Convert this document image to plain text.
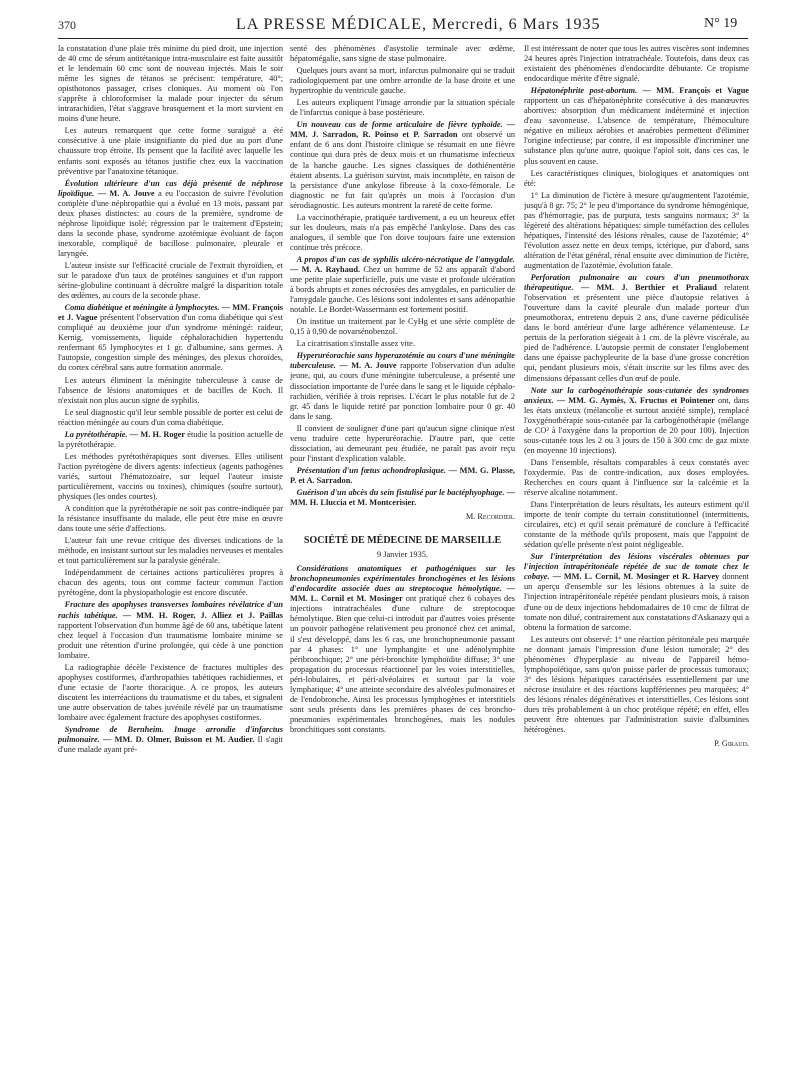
370	LA PRESSE MÉDICALE, Mercredi, 6 Mars 1935	N° 19

la constatation d'une plaie très minime du pied droit, une injection de 40 cmc de sérum antitétanique intra-musculaire est faite aussitôt et le lendemain 60 cmc sont de nouveau injectés. Mais le soir même les signes de tétanos se précisent: température, 40°; opisthotonos passager, crises cloniques. Au moment où l'on s'apprête à chloroformiser la malade pour injecter du sérum intrarachidien, l'état s'aggrave brusquement et la mort survient en moins d'une heure.

Les auteurs remarquent que cette forme suraiguë a été consécutive à une plaie insignifiante du pied due au port d'une chaussure trop étroite. Ils pensent que la facilité avec laquelle les enfants sont exposés au tétanos justifie chez eux la vaccination préventive par l'anatoxine tétanique.

Évolution ultérieure d'un cas déjà présenté de néphrose lipoïdique. — M. A. Jouve a eu l'occasion de suivre l'évolution complète d'une néphropathie qui a évolué en 13 mois, passant par deux phases distinctes: au cours de la première, syndrome de néphrose lipoïdique isolé; régression par le traitement d'Epstein; dans la seconde phase, syndrome azotémique évoluant de façon inexorable, compliqué de bacillose pulmonaire, pleurale et laryngée.

L'auteur insiste sur l'efficacité cruciale de l'extrait thyroïdien, et sur le paradoxe d'un taux de protéines sanguines et d'un rapport sérine-globuline continuant à décroître malgré la disparition totale des œdèmes, au cours de la seconde phase.

Coma diabétique et méningite à lymphocytes. — MM. François et J. Vague présentent l'observation d'un coma diabétique qui s'est compliqué au deuxième jour d'un syndrome méningé: raideur, Kernig, vomissements, liquide céphalorachidien hypertendu renfermant 65 lymphocytes et 1 gr. d'albumine, sans germes. A l'autopsie, congestion simple des méninges, des plexus choroïdes, du cortex cérébral sans autre formation anormale.

Les auteurs éliminent la méningite tuberculeuse à cause de l'absence de lésions anatomiques et de bacilles de Koch. Il n'existait non plus aucun signe de syphilis.

Le seul diagnostic qu'il leur semble possible de porter est celui de réaction méningée au cours d'un coma diabétique.

La pyrétothérapie. — M. H. Roger étudie la position actuelle de la pyrétothérapie.

Les méthodes pyrétothérapiques sont diverses. Elles utilisent l'action pyrétogène de divers agents: infectieux (agents pathogènes variés, surtout l'hématozoaire, sur lequel l'auteur insiste particulièrement, vaccins ou toxines), chimiques (soufre surtout), physiques (les ondes courtes).

A condition que la pyrétothérapie ne soit pas contre-indiquée par la résistance insuffisante du malade, elle peut être mise en œuvre dans toute une série d'affections.

L'auteur fait une revue critique des diverses indications de la méthode, en insistant surtout sur les maladies nerveuses et mentales et tout particulièrement sur la paralysie générale.

Indépendamment de certaines actions particulières propres à chacun des agents, tous ont comme facteur commun l'action pyrétogène, dont la physiopathologie est encore discutée.

Fracture des apophyses transverses lombaires révélatrice d'un rachis tabétique. — MM. H. Roger, J. Alliez et J. Paillas rapportent l'observation d'un homme âgé de 60 ans, tabétique latent chez lequel à l'occasion d'un traumatisme lombaire minime se produit une rétention d'urine prolongée, qui cède à une ponction lombaire.

La radiographie décèle l'existence de fractures multiples des apophyses costiformes, d'arthropathies tabétiques rachidiennes, et d'une ectasie de l'aorte thoracique. A ce propos, les auteurs discutent les interréactions du traumatisme et du tabes, et signalent une autre observation de tabes juvénile révélé par un traumatisme lombaire avec également fracture des apophyses costiformes.

Syndrome de Bernheim. Image arrondie d'infarctus pulmonaire. — MM. D. Olmer, Buisson et M. Audier. Il s'agit d'une malade ayant pré-

senté des phénomènes d'asystolie terminale avec œdème, hépatomégalie, sans signe de stase pulmonaire.

Quelques jours avant sa mort, infarctus pulmonaire qui se traduit radiologiquement par une ombre arrondie de la base droite et une hypertrophie du ventricule gauche.

Les auteurs expliquent l'image arrondie par la situation spéciale de l'infarctus conique à base postérieure.

Un nouveau cas de forme articulaire de fièvre typhoïde. — MM. J. Sarradon, R. Poinso et P. Sarradon ont observé un enfant de 6 ans dont l'histoire clinique se résumait en une fièvre continue qui dura près de deux mois et un rhumatisme infectieux de la hanche gauche. Les signes classiques de dothiénentérie étaient absents. La guérison survint, mais incomplète, en raison de la persistance d'une ankylose fibreuse à la coxo-fémorale. Le diagnostic ne fut fait qu'après un mois à l'occasion d'un sérodiagnostic. Les auteurs montrent la rareté de cette forme.

La vaccinothérapie, pratiquée tardivement, a eu un heureux effet sur les douleurs, mais n'a pas empêché l'ankylose. Dans des cas analogues, il semble que l'on doive toujours faire une extension continue très précoce.

A propos d'un cas de syphilis ulcéro-nécrotique de l'amygdale. — M. A. Rayhaud. Chez un homme de 52 ans apparaît d'abord une petite plaie superficielle, puis une vaste et profonde ulcération à bords abrupts et zones nécrosées des amygdales, en particulier de l'amygdale gauche. Ces lésions sont indolentes et sans adénopathie notable. Le Bordet-Wassermann est fortement positif.

On institue un traitement par le CyHg et une série complète de 0,15 à 0,90 de novarsénobenzol.

La cicatrisation s'installe assez vite.

Hyperuréorachie sans hyperazotémie au cours d'une méningite tuberculeuse. — M. A. Jouve rapporte l'observation d'un adulte jeune, qui, au cours d'une méningite tuberculeuse, a présenté une dissociation importante de l'urée dans le sang et le liquide céphalo-rachidien, vérifiée à trois reprises. L'écart le plus notable fut de 2 gr. 45 dans le liquide retiré par ponction lombaire pour 0 gr. 40 dans le sang.

Il convient de souligner d'une part qu'aucun signe clinique n'est venu traduire cette hyperuréorachie. D'autre part, que cette dissociation, au demeurant peu étudiée, ne paraît pas avoir reçu pour l'instant d'explication valable.

Présentation d'un fœtus achondroplasique. — MM. G. Plasse, P. et A. Sarradon.

Guérison d'un abcès du sein fistulisé par le bactéphyophage. — MM. H. Lluccia et M. Montcerisier.

M. Recordier.
SOCIÉTÉ DE MÉDECINE DE MARSEILLE
9 Janvier 1935.

Considérations anatomiques et pathogéniques sur les bronchopneumonies expérimentales bronchogènes et les lésions d'endocardite associée dues au streptocoque hémolytique. — MM. L. Cornil et M. Mosinger ont pratiqué chez 6 cobayes des injections intratrachéales d'une culture de streptocoque hémolytique. Bien que celui-ci introduit par d'autres voies présente un pouvoir pathogène relativement peu prononcé chez cet animal, il s'est développé, dans les 6 cas, une bronchopneumonie passant par 4 phases: 1° une lymphangite et une adénolymphite péribronchique; 2° une péri-bronchite lymphoïdite diffuse; 3° une propagation du processus réactionnel par les voies interstitielles, péri-lobulaires, et péri-alvéolaires et surtout par la voie lymphatique; 4° une atteinte secondaire des alvéoles pulmonaires et de l'endobronche. Ainsi les processus lymphogènes et interstitiels sont seuls présents dans les premières phases de ces broncho-pneumonies expérimentales bronchogènes, mais les nodules bronchitiques sont constants.

Il est intéressant de noter que tous les autres viscères sont indemnes 24 heures après l'injection intratrachéale. Toutefois, dans deux cas existaient des phénomènes d'endocardite débutante. Ce tropisme endocardique mérite d'être signalé.

Hépatonéphrite post-abortum. — MM. François et Vague rapportent un cas d'hépatonéphrite consécutive à des manœuvres abortives: absorption d'un médicament indéterminé et injection d'eau savonneuse. L'absence de température, l'hémoculture négative en milieux aérobies et anaérobies permettent d'éliminer l'origine infectieuse; par contre, il est impossible d'incriminer une substance plus qu'une autre, quoique l'apiol soit, dans ces cas, le plus souvent en cause.

Les caractéristiques cliniques, biologiques et anatomiques ont été:

1° La diminution de l'ictère à mesure qu'augmentent l'azotémie, jusqu'à 8 gr. 75; 2° le peu d'importance du syndrome hémogénique, pas d'hémorragie, pas de purpura, tests sanguins normaux; 3° la légèreté des altérations hépatiques: simple tuméfaction des cellules hépatiques, l'intensité des lésions rénales, cause de l'azotémie; 4° l'évolution assez nette en deux temps, ictérique, pur d'abord, sans altération de l'état général, rénal ensuite avec diminution de l'ictère, augmentation de l'azotémie, évolution fatale.

Perforation pulmonaire au cours d'un pneumothorax thérapeutique. — MM. J. Berthier et Praliaud relatent l'observation et présentent une pièce d'autopsie relatives à l'ouverture dans la cavité pleurale d'un malade porteur d'un pneumothorax, entretenu depuis 2 ans, d'une caverne pédiculisée dans le bord antérieur d'une large adhérence vélamenteuse. Le pertuis de la perforation siégeait à 1 cm. de la plèvre viscérale, au pied de l'adhérence. L'autopsie permit de constater l'englobement dans une épaisse pachypleurite de la base d'une grosse concrétion qui, pendant plusieurs mois, s'était inscrite sur les films avec des dimensions dépassant celles d'un œuf de poule.

Note sur la carbogénothérapie sous-cutanée des syndromes anxieux. — MM. G. Aymès, X. Fructus et Pointener ont, dans les états anxieux (mélancolie et surtout anxiété simple), remplacé l'oxygénothérapie sous-cutanée par la carbogénothérapie (mélange de CO² à l'oxygène dans la proportion de 20 pour 100). Injection sous-cutanée tous les 2 ou 3 jours de 150 à 300 cmc de gaz mixte (en moyenne 10 injections).

Dans l'ensemble, résultats comparables à ceux constatés avec l'oxydermie. Pas de contre-indication, aux doses employées. Recherches en cours quant à l'influence sur la calcémie et la réserve alcaline notamment.

Dans l'interprétation de leurs résultats, les auteurs estiment qu'il importe de tenir compte du terrain constitutionnel (intermittents, circulaires, etc) et qu'il serait prématuré de conclure à l'efficacité constante de la méthode qu'ils proposent, mais que l'appoint de sédation qu'elle présente n'est point négligeable.

Sur l'interprétation des lésions viscérales obtenues par l'injection intrapéritonéale répétée de suc de tomate chez le cobaye. — MM. L. Cornil, M. Mosinger et R. Harvey donnent un aperçu d'ensemble sur les lésions obtenues à la suite de l'injection intrapéritonéale répétée pendant plusieurs mois, à raison d'une ou de deux injections hebdomadaires de 10 cmc de filtrat de tomate non dilué, contrairement aux constatations d'Askanazy qui a obtenu la formation de sarcome.

Les auteurs ont observé: 1° une réaction péritonéale peu marquée ne donnant jamais l'impression d'une lésion tumorale; 2° des phénomènes d'hyperplasie au niveau de l'appareil hémo-lymphopoïétique, sans qu'on puisse parler de processus tumoraux; 3° des lésions hépatiques caractérisées essentiellement par une nécrose insulaire et des réactions kupffériennes peu marquées; 4° des lésions rénales dégénératives et interstitielles. Ces lésions sont dues très probablement à un choc protéique répété; en effet, elles peuvent être obtenues par l'administration suivie d'albumines hétérogènes.

P. Giraud.
